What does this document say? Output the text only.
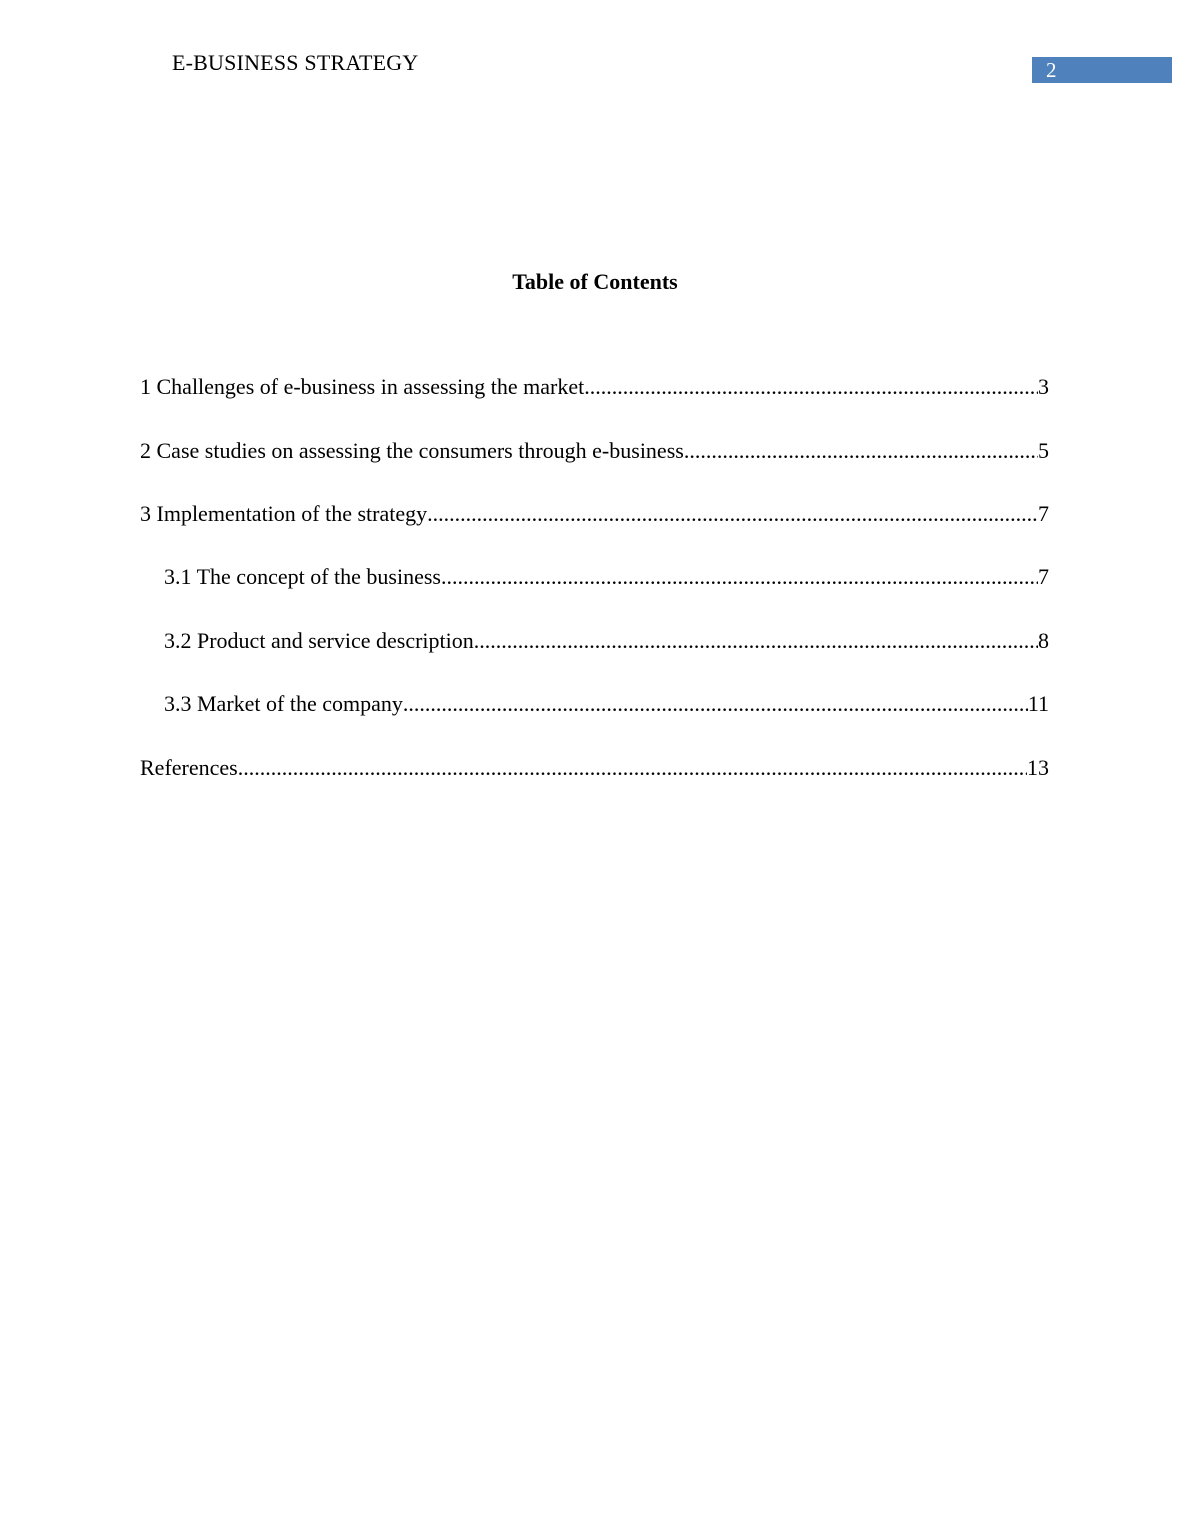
E-BUSINESS STRATEGY	2
Table of Contents
1 Challenges of e-business in assessing the market .....	3
2 Case studies on assessing the consumers through e-business .....	5
3 Implementation of the strategy .....	7
3.1 The concept of the business .....	7
3.2 Product and service description .....	8
3.3 Market of the company .....	11
References .....	13
